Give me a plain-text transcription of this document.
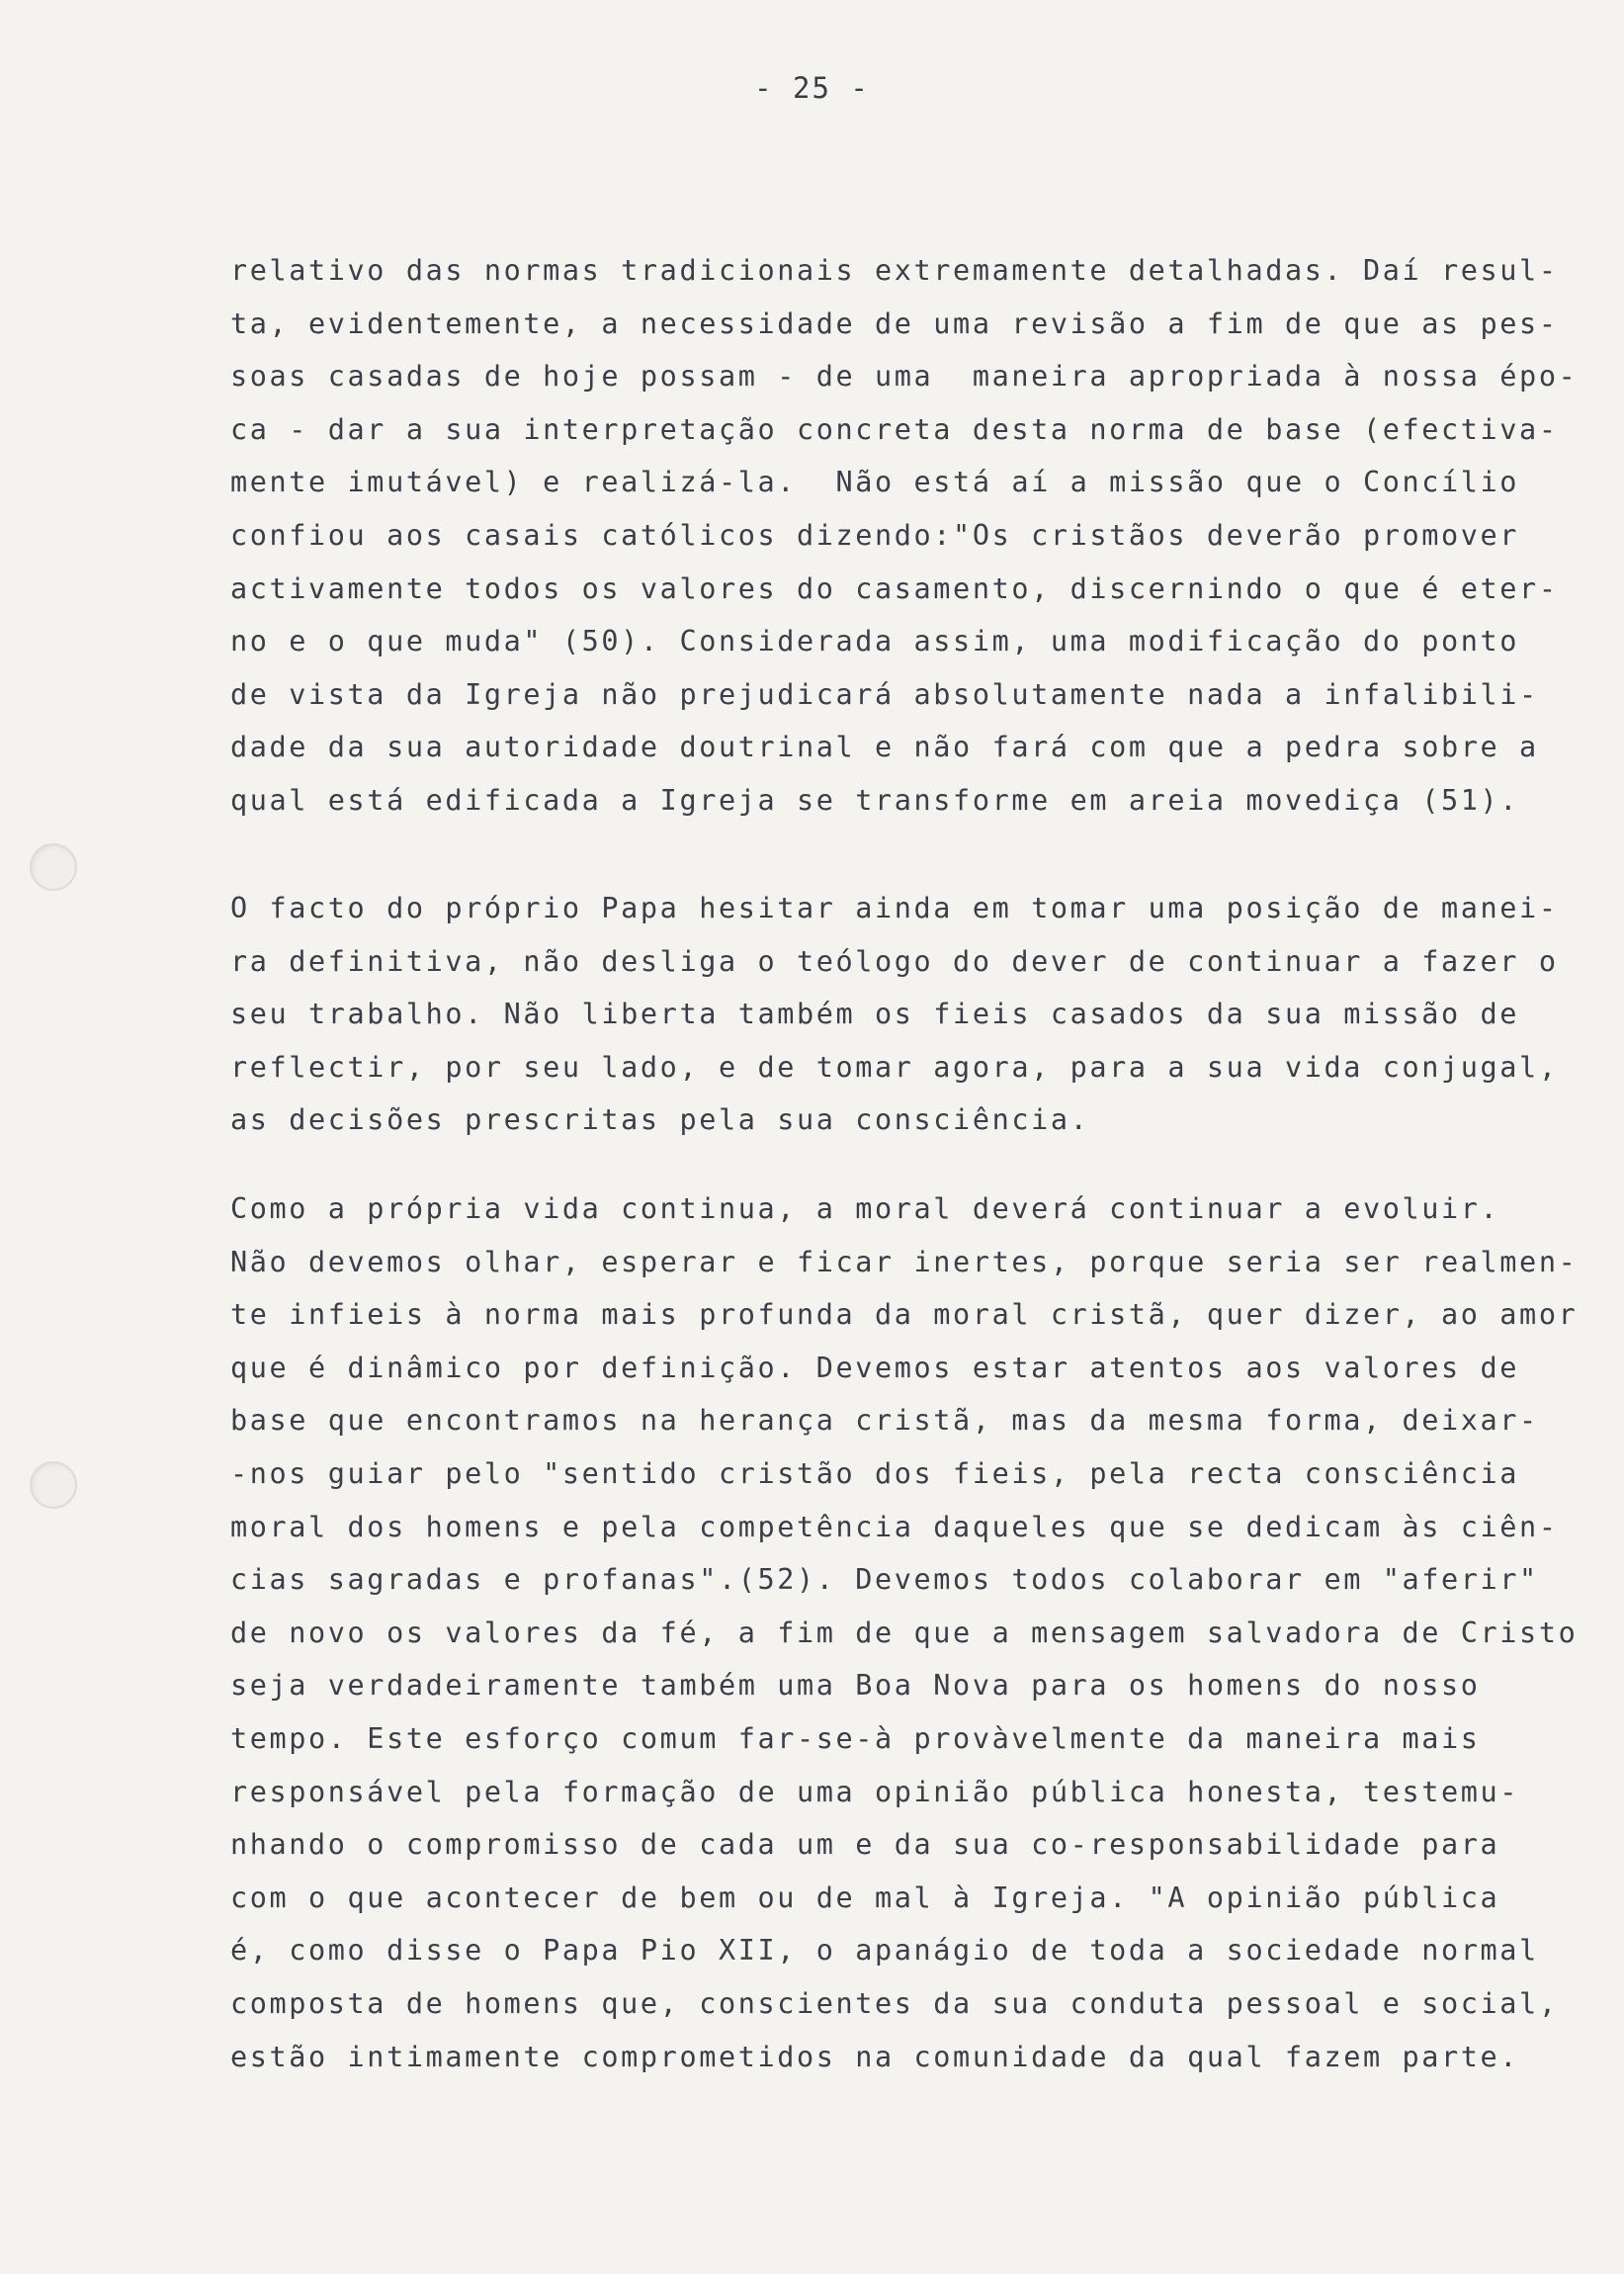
- 25 -
relativo das normas tradicionais extremamente detalhadas. Daí resul-
ta, evidentemente, a necessidade de uma revisão a fim de que as pes-
soas casadas de hoje possam - de uma  maneira apropriada à nossa épo-
ca - dar a sua interpretação concreta desta norma de base (efectiva-
mente imutável) e realizá-la.  Não está aí a missão que o Concílio
confiou aos casais católicos dizendo:"Os cristãos deverão promover
activamente todos os valores do casamento, discernindo o que é eter-
no e o que muda" (50). Considerada assim, uma modificação do ponto
de vista da Igreja não prejudicará absolutamente nada a infalibili-
dade da sua autoridade doutrinal e não fará com que a pedra sobre a
qual está edificada a Igreja se transforme em areia movediça (51).
O facto do próprio Papa hesitar ainda em tomar uma posição de manei-
ra definitiva, não desliga o teólogo do dever de continuar a fazer o
seu trabalho. Não liberta também os fieis casados da sua missão de
reflectir, por seu lado, e de tomar agora, para a sua vida conjugal,
as decisões prescritas pela sua consciência.
Como a própria vida continua, a moral deverá continuar a evoluir.
Não devemos olhar, esperar e ficar inertes, porque seria ser realmen-
te infieis à norma mais profunda da moral cristã, quer dizer, ao amor
que é dinâmico por definição. Devemos estar atentos aos valores de
base que encontramos na herança cristã, mas da mesma forma, deixar-
-nos guiar pelo "sentido cristão dos fieis, pela recta consciência
moral dos homens e pela competência daqueles que se dedicam às ciên-
cias sagradas e profanas".(52). Devemos todos colaborar em "aferir"
de novo os valores da fé, a fim de que a mensagem salvadora de Cristo
seja verdadeiramente também uma Boa Nova para os homens do nosso
tempo. Este esforço comum far-se-à provàvelmente da maneira mais
responsável pela formação de uma opinião pública honesta, testemu-
nhando o compromisso de cada um e da sua co-responsabilidade para
com o que acontecer de bem ou de mal à Igreja. "A opinião pública
é, como disse o Papa Pio XII, o apanágio de toda a sociedade normal
composta de homens que, conscientes da sua conduta pessoal e social,
estão intimamente comprometidos na comunidade da qual fazem parte.
